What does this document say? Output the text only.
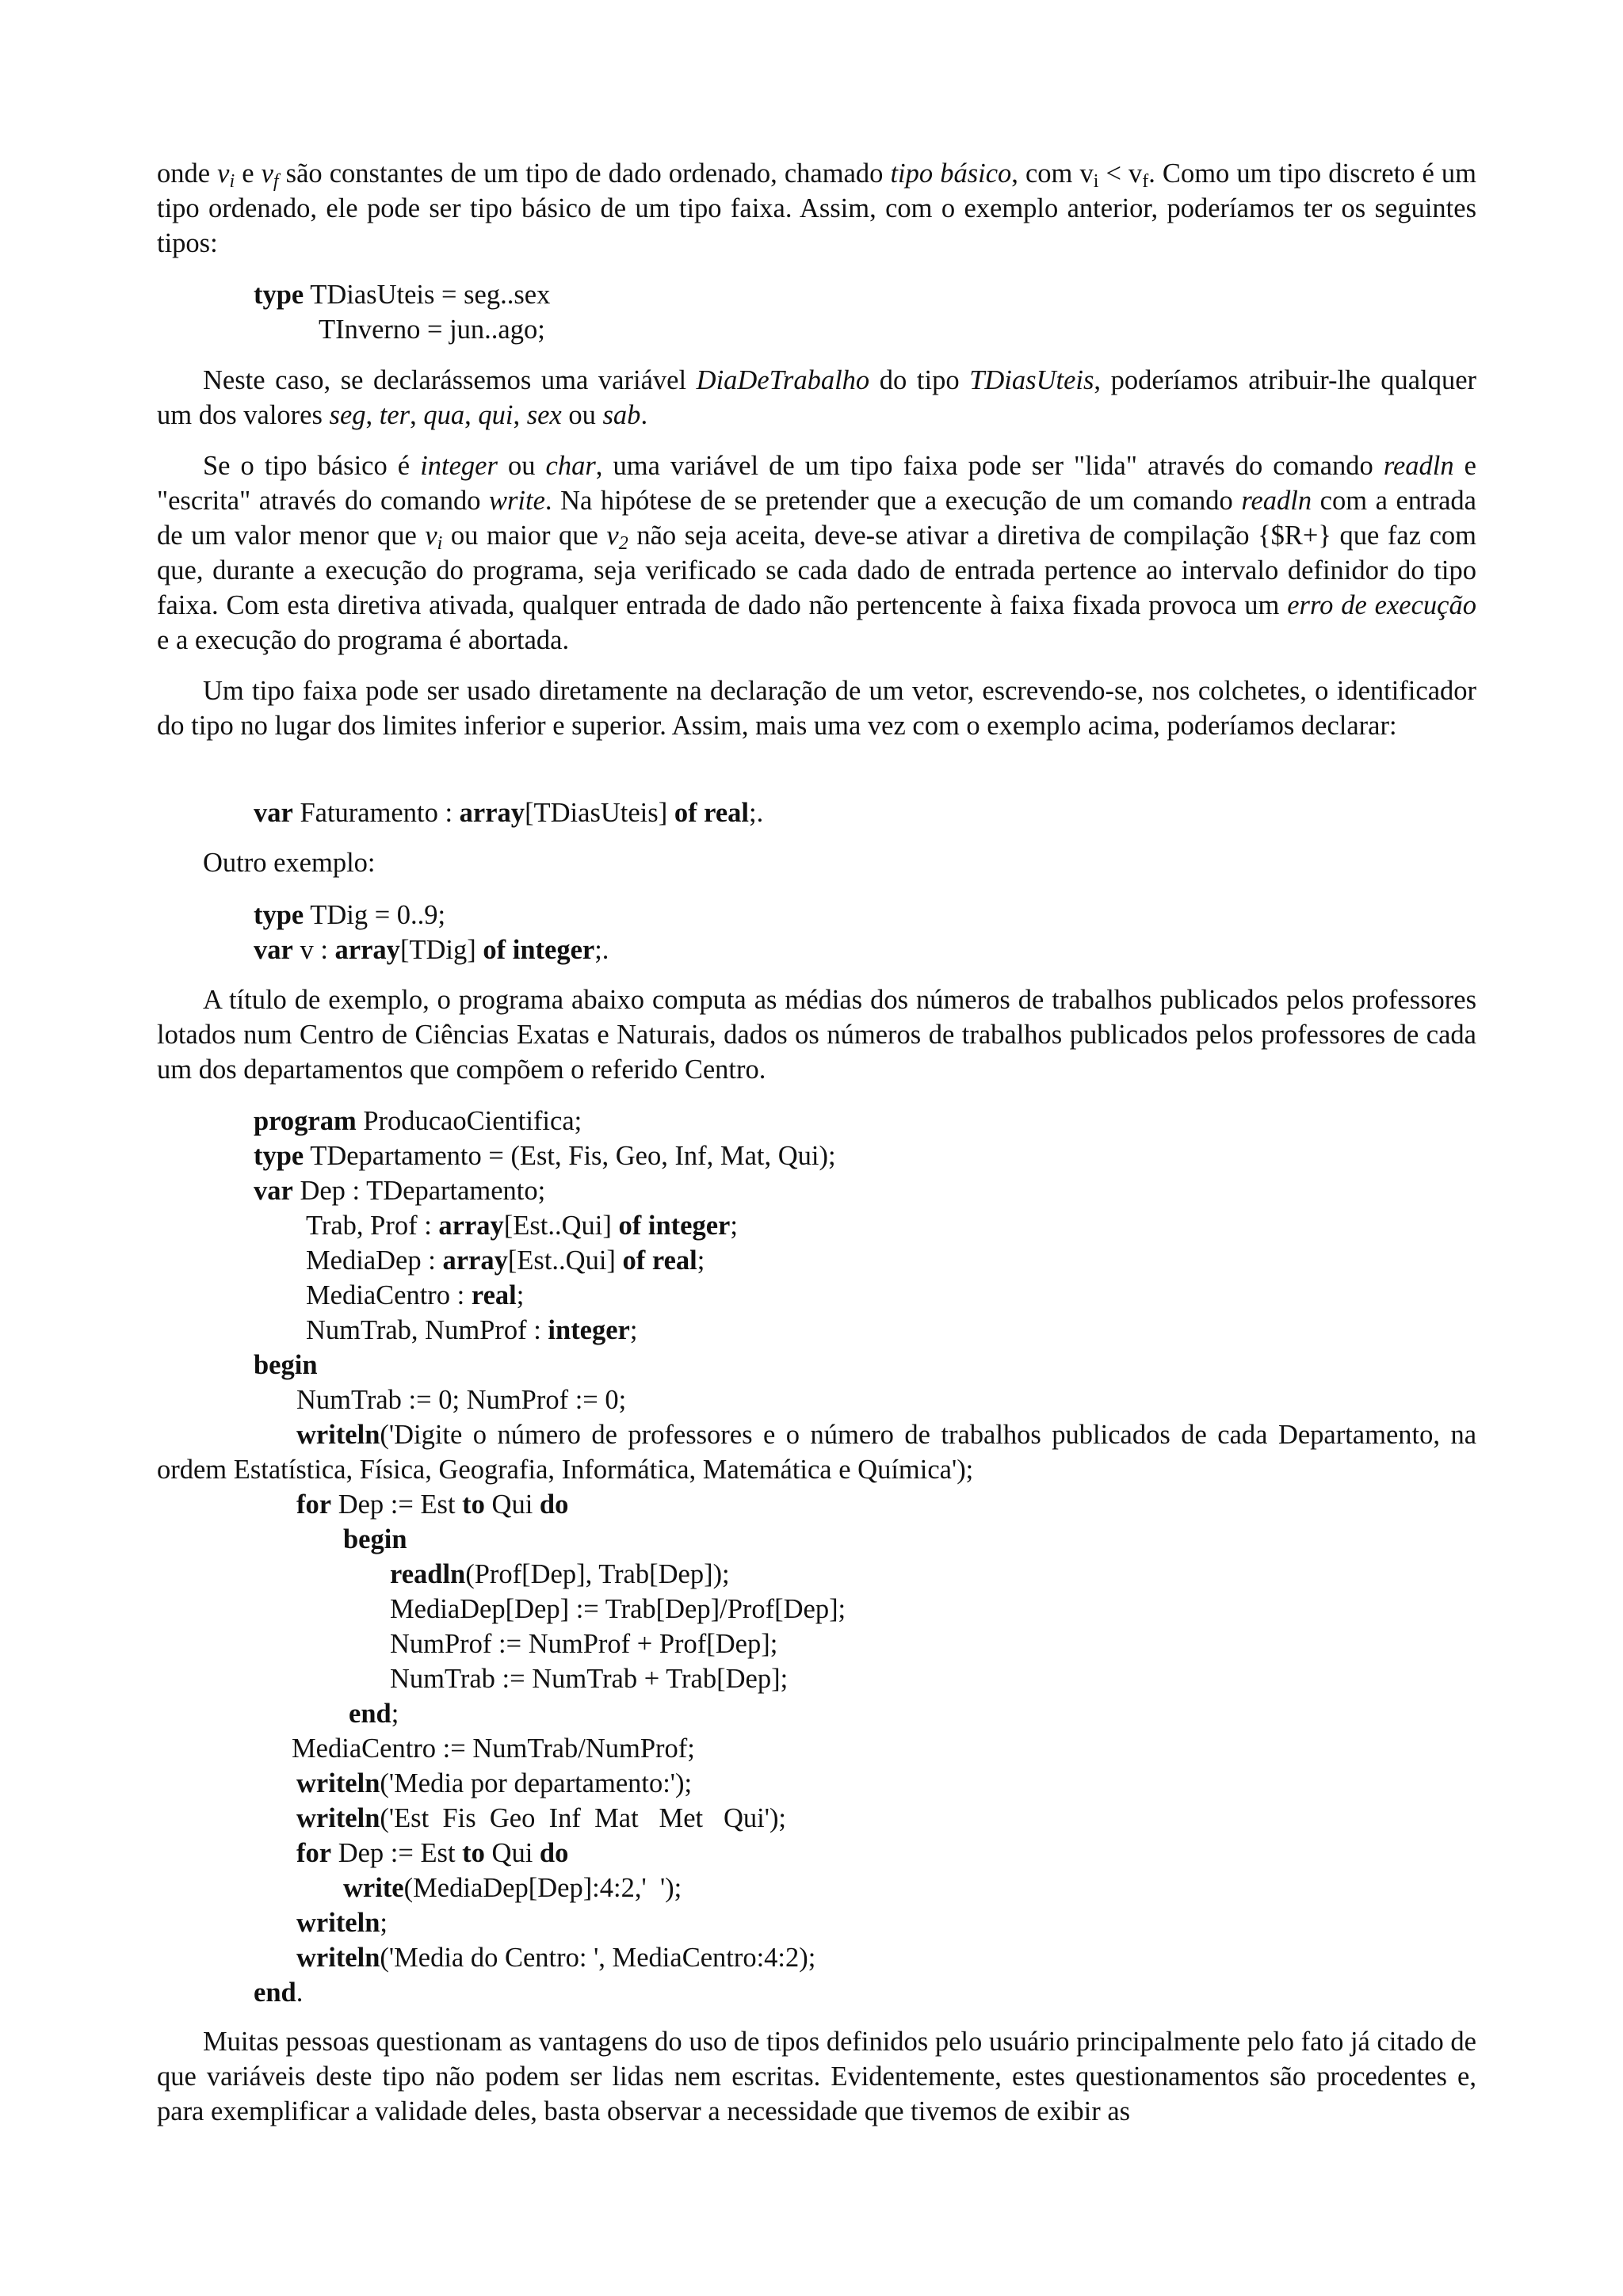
onde $v_i$ e $v_f$ são constantes de um tipo de dado ordenado, chamado tipo básico, com $v_i < v_f$. Como um tipo discreto é um tipo ordenado, ele pode ser tipo básico de um tipo faixa. Assim, com o exemplo anterior, poderíamos ter os seguintes tipos:

type TDiasUteis = seg..sex
TInverno = jun..ago;

Neste caso, se declarássemos uma variável DiaDeTrabalho do tipo TDiasUteis, poderíamos atribuir-lhe qualquer um dos valores seg, ter, qua, qui, sex ou sab.

Se o tipo básico é integer ou char, uma variável de um tipo faixa pode ser "lida" através do comando readln e "escrita" através do comando write. Na hipótese de se pretender que a execução de um comando readln com a entrada de um valor menor que $v_i$ ou maior que $v_2$ não seja aceita, deve-se ativar a diretiva de compilação {$R+} que faz com que, durante a execução do programa, seja verificado se cada dado de entrada pertence ao intervalo definidor do tipo faixa. Com esta diretiva ativada, qualquer entrada de dado não pertencente à faixa fixada provoca um erro de execução e a execução do programa é abortada.

Um tipo faixa pode ser usado diretamente na declaração de um vetor, escrevendo-se, nos colchetes, o identificador do tipo no lugar dos limites inferior e superior. Assim, mais uma vez com o exemplo acima, poderíamos declarar:

var Faturamento : array[TDiasUteis] of real;.

Outro exemplo:

type TDig = 0..9;
var v : array[TDig] of integer;.

A título de exemplo, o programa abaixo computa as médias dos números de trabalhos publicados pelos professores lotados num Centro de Ciências Exatas e Naturais, dados os números de trabalhos publicados pelos professores de cada um dos departamentos que compõem o referido Centro.

program ProducaoCientifica;
type TDepartamento = (Est, Fis, Geo, Inf, Mat, Qui);
var Dep : TDepartamento;
Trab, Prof : array[Est..Qui] of integer;
MediaDep : array[Est..Qui] of real;
MediaCentro : real;
NumTrab, NumProf : integer;
begin
NumTrab := 0; NumProf := 0;
writeln('Digite o número de professores e o número de trabalhos publicados de cada Departamento, na ordem Estatística, Física, Geografia, Informática, Matemática e Química');
for Dep := Est to Qui do
begin
readln(Prof[Dep], Trab[Dep]);
MediaDep[Dep] := Trab[Dep]/Prof[Dep];
NumProf := NumProf + Prof[Dep];
NumTrab := NumTrab + Trab[Dep];
end;
MediaCentro := NumTrab/NumProf;
writeln('Media por departamento:');
writeln('Est  Fis  Geo  Inf  Mat   Met   Qui');
for Dep := Est to Qui do
write(MediaDep[Dep]:4:2,'  ');
writeln;
writeln('Media do Centro: ', MediaCentro:4:2);
end.

Muitas pessoas questionam as vantagens do uso de tipos definidos pelo usuário principalmente pelo fato já citado de que variáveis deste tipo não podem ser lidas nem escritas. Evidentemente, estes questionamentos são procedentes e, para exemplificar a validade deles, basta observar a necessidade que tivemos de exibir as
